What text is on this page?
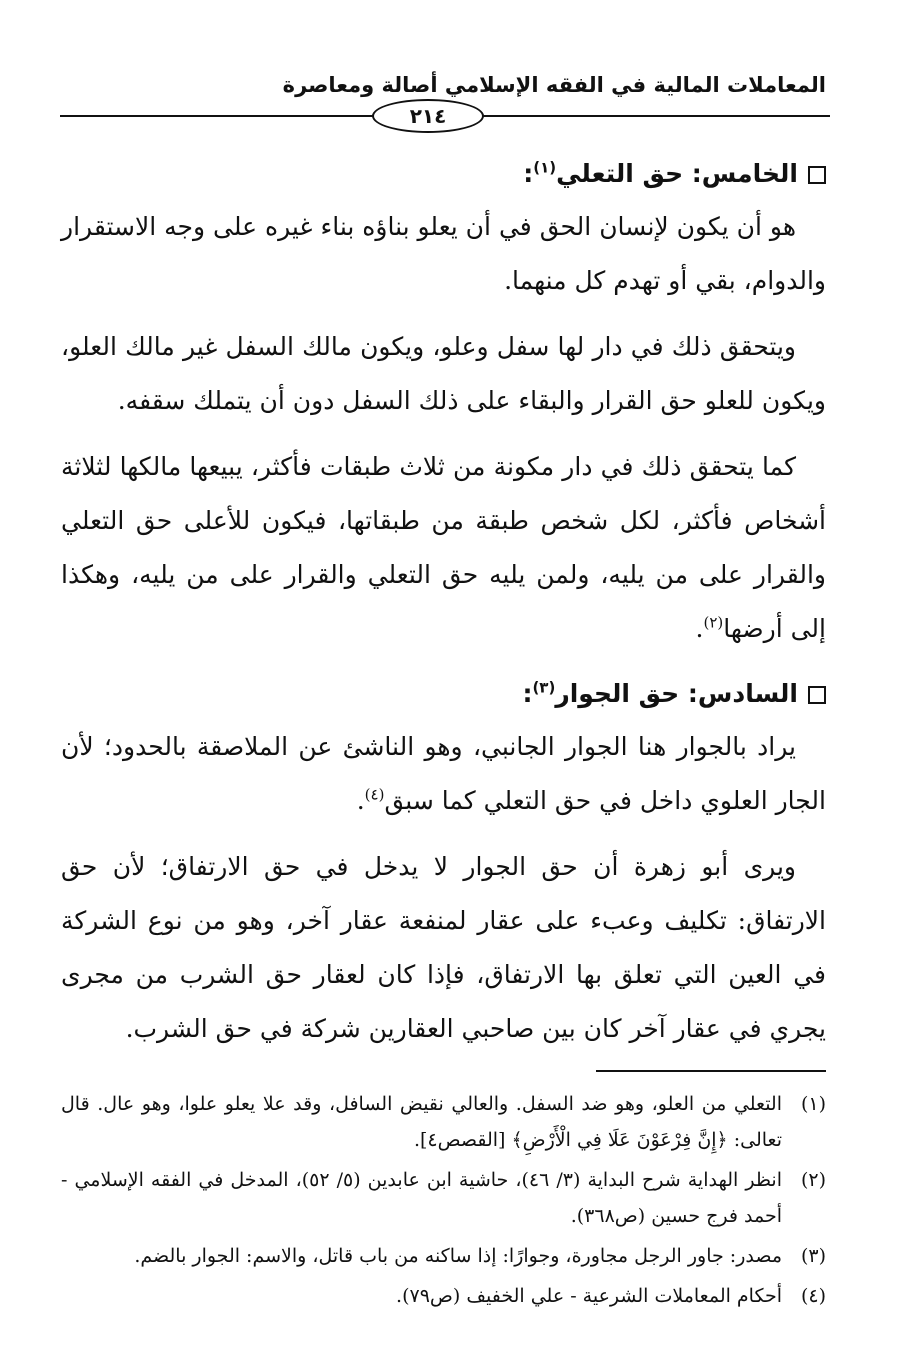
المعاملات المالية في الفقه الإسلامي أصالة ومعاصرة
٢١٤
الخامس: حق التعلي$^{(١)}$:

هو أن يكون لإنسان الحق في أن يعلو بناؤه بناء غيره على وجه الاستقرار والدوام، بقي أو تهدم كل منهما.

ويتحقق ذلك في دار لها سفل وعلو، ويكون مالك السفل غير مالك العلو، ويكون للعلو حق القرار والبقاء على ذلك السفل دون أن يتملك سقفه.

كما يتحقق ذلك في دار مكونة من ثلاث طبقات فأكثر، يبيعها مالكها لثلاثة أشخاص فأكثر، لكل شخص طبقة من طبقاتها، فيكون للأعلى حق التعلي والقرار على من يليه، ولمن يليه حق التعلي والقرار على من يليه، وهكذا إلى أرضها$^{(٢)}$.

السادس: حق الجوار$^{(٣)}$:

يراد بالجوار هنا الجوار الجانبي، وهو الناشئ عن الملاصقة بالحدود؛ لأن الجار العلوي داخل في حق التعلي كما سبق$^{(٤)}$.

ويرى أبو زهرة أن حق الجوار لا يدخل في حق الارتفاق؛ لأن حق الارتفاق: تكليف وعبء على عقار لمنفعة عقار آخر، وهو من نوع الشركة في العين التي تعلق بها الارتفاق، فإذا كان لعقار حق الشرب من مجرى يجري في عقار آخر كان بين صاحبي العقارين شركة في حق الشرب.

(١)
التعلي من العلو، وهو ضد السفل. والعالي نقيض السافل، وقد علا يعلو علوا، وهو عال. قال تعالى: ﴿إِنَّ فِرْعَوْنَ عَلَا فِي الْأَرْضِ﴾ [القصص٤].
(٢)
انظر الهداية شرح البداية (٣/ ٤٦)، حاشية ابن عابدين (٥/ ٥٢)، المدخل في الفقه الإسلامي - أحمد فرج حسين (ص٣٦٨).
(٣)
مصدر: جاور الرجل مجاورة، وجوارًا: إذا ساكنه من باب قاتل، والاسم: الجوار بالضم.
(٤)
أحكام المعاملات الشرعية - علي الخفيف (ص٧٩).
